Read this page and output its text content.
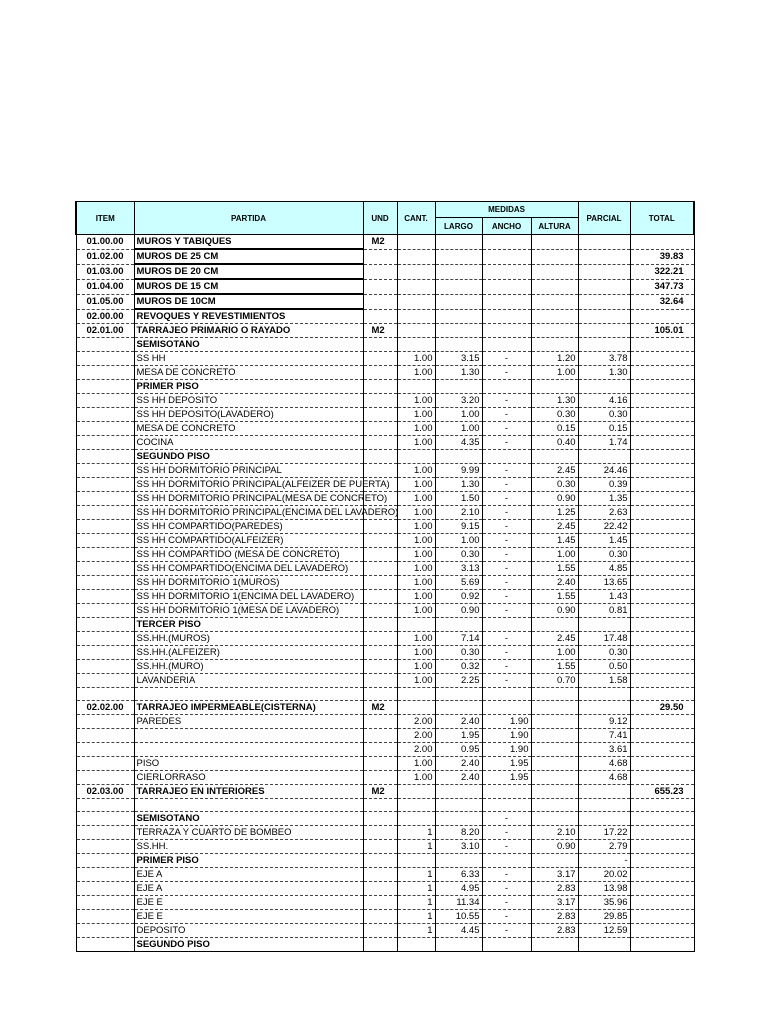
ITEM	PARTIDA	UND	CANT.	MEDIDAS			PARCIAL	TOTAL
				LARGO	ANCHO	ALTURA		
01.00.00	MUROS Y TABIQUES	M2						
01.02.00	MUROS DE 25 CM							39.83
01.03.00	MUROS DE 20 CM							322.21
01.04.00	MUROS DE 15 CM							347.73
01.05.00	MUROS DE 10CM							32.64
02.00.00	REVOQUES Y REVESTIMIENTOS							
02.01.00	TARRAJEO PRIMARIO O RAYADO	M2						105.01
	SEMISOTANO							
	SS HH		1.00	3.15	-	1.20	3.78	
	MESA DE CONCRETO		1.00	1.30	-	1.00	1.30	
	PRIMER PISO							
	SS HH DEPOSITO		1.00	3.20	-	1.30	4.16	
	SS HH DEPOSITO(LAVADERO)		1.00	1.00	-	0.30	0.30	
	MESA DE CONCRETO		1.00	1.00	-	0.15	0.15	
	COCINA		1.00	4.35	-	0.40	1.74	
	SEGUNDO PISO							
	SS HH DORMITORIO PRINCIPAL		1.00	9.99	-	2.45	24.46	
	SS HH DORMITORIO PRINCIPAL(ALFEIZER DE PUERTA)		1.00	1.30	-	0.30	0.39	
	SS HH DORMITORIO PRINCIPAL(MESA DE CONCRETO)		1.00	1.50	-	0.90	1.35	
	SS HH DORMITORIO PRINCIPAL(ENCIMA DEL LAVADERO)		1.00	2.10	-	1.25	2.63	
	SS HH COMPARTIDO(PAREDES)		1.00	9.15	-	2.45	22.42	
	SS HH COMPARTIDO(ALFEIZER)		1.00	1.00	-	1.45	1.45	
	SS HH COMPARTIDO (MESA DE CONCRETO)		1.00	0.30	-	1.00	0.30	
	SS HH COMPARTIDO(ENCIMA DEL LAVADERO)		1.00	3.13	-	1.55	4.85	
	SS HH DORMITORIO 1(MUROS)		1.00	5.69	-	2.40	13.65	
	SS HH DORMITORIO 1(ENCIMA DEL LAVADERO)		1.00	0.92	-	1.55	1.43	
	SS HH DORMITORIO 1(MESA DE LAVADERO)		1.00	0.90	-	0.90	0.81	
	TERCER PISO							
	SS.HH.(MUROS)		1.00	7.14	-	2.45	17.48	
	SS.HH.(ALFEIZER)		1.00	0.30	-	1.00	0.30	
	SS.HH.(MURO)		1.00	0.32	-	1.55	0.50	
	LAVANDERIA		1.00	2.25	-	0.70	1.58	

02.02.00	TARRAJEO IMPERMEABLE(CISTERNA)	M2						29.50
	PAREDES		2.00	2.40	1.90		9.12	
			2.00	1.95	1.90		7.41	
			2.00	0.95	1.90		3.61	
	PISO		1.00	2.40	1.95		4.68	
	CIERLORRASO		1.00	2.40	1.95		4.68	
02.03.00	TARRAJEO EN INTERIORES	M2						655.23

	SEMISOTANO				-			
	TERRAZA Y CUARTO DE BOMBEO		1	8.20	-	2.10	17.22	
	SS.HH.		1	3.10	-	0.90	2.79	
	PRIMER PISO						-	
	EJE A		1	6.33	-	3.17	20.02	
	EJE A		1	4.95	-	2.83	13.98	
	EJE E		1	11.34	-	3.17	35.96	
	EJE E		1	10.55	-	2.83	29.85	
	DEPOSITO		1	4.45	-	2.83	12.59	
	SEGUNDO PISO							
